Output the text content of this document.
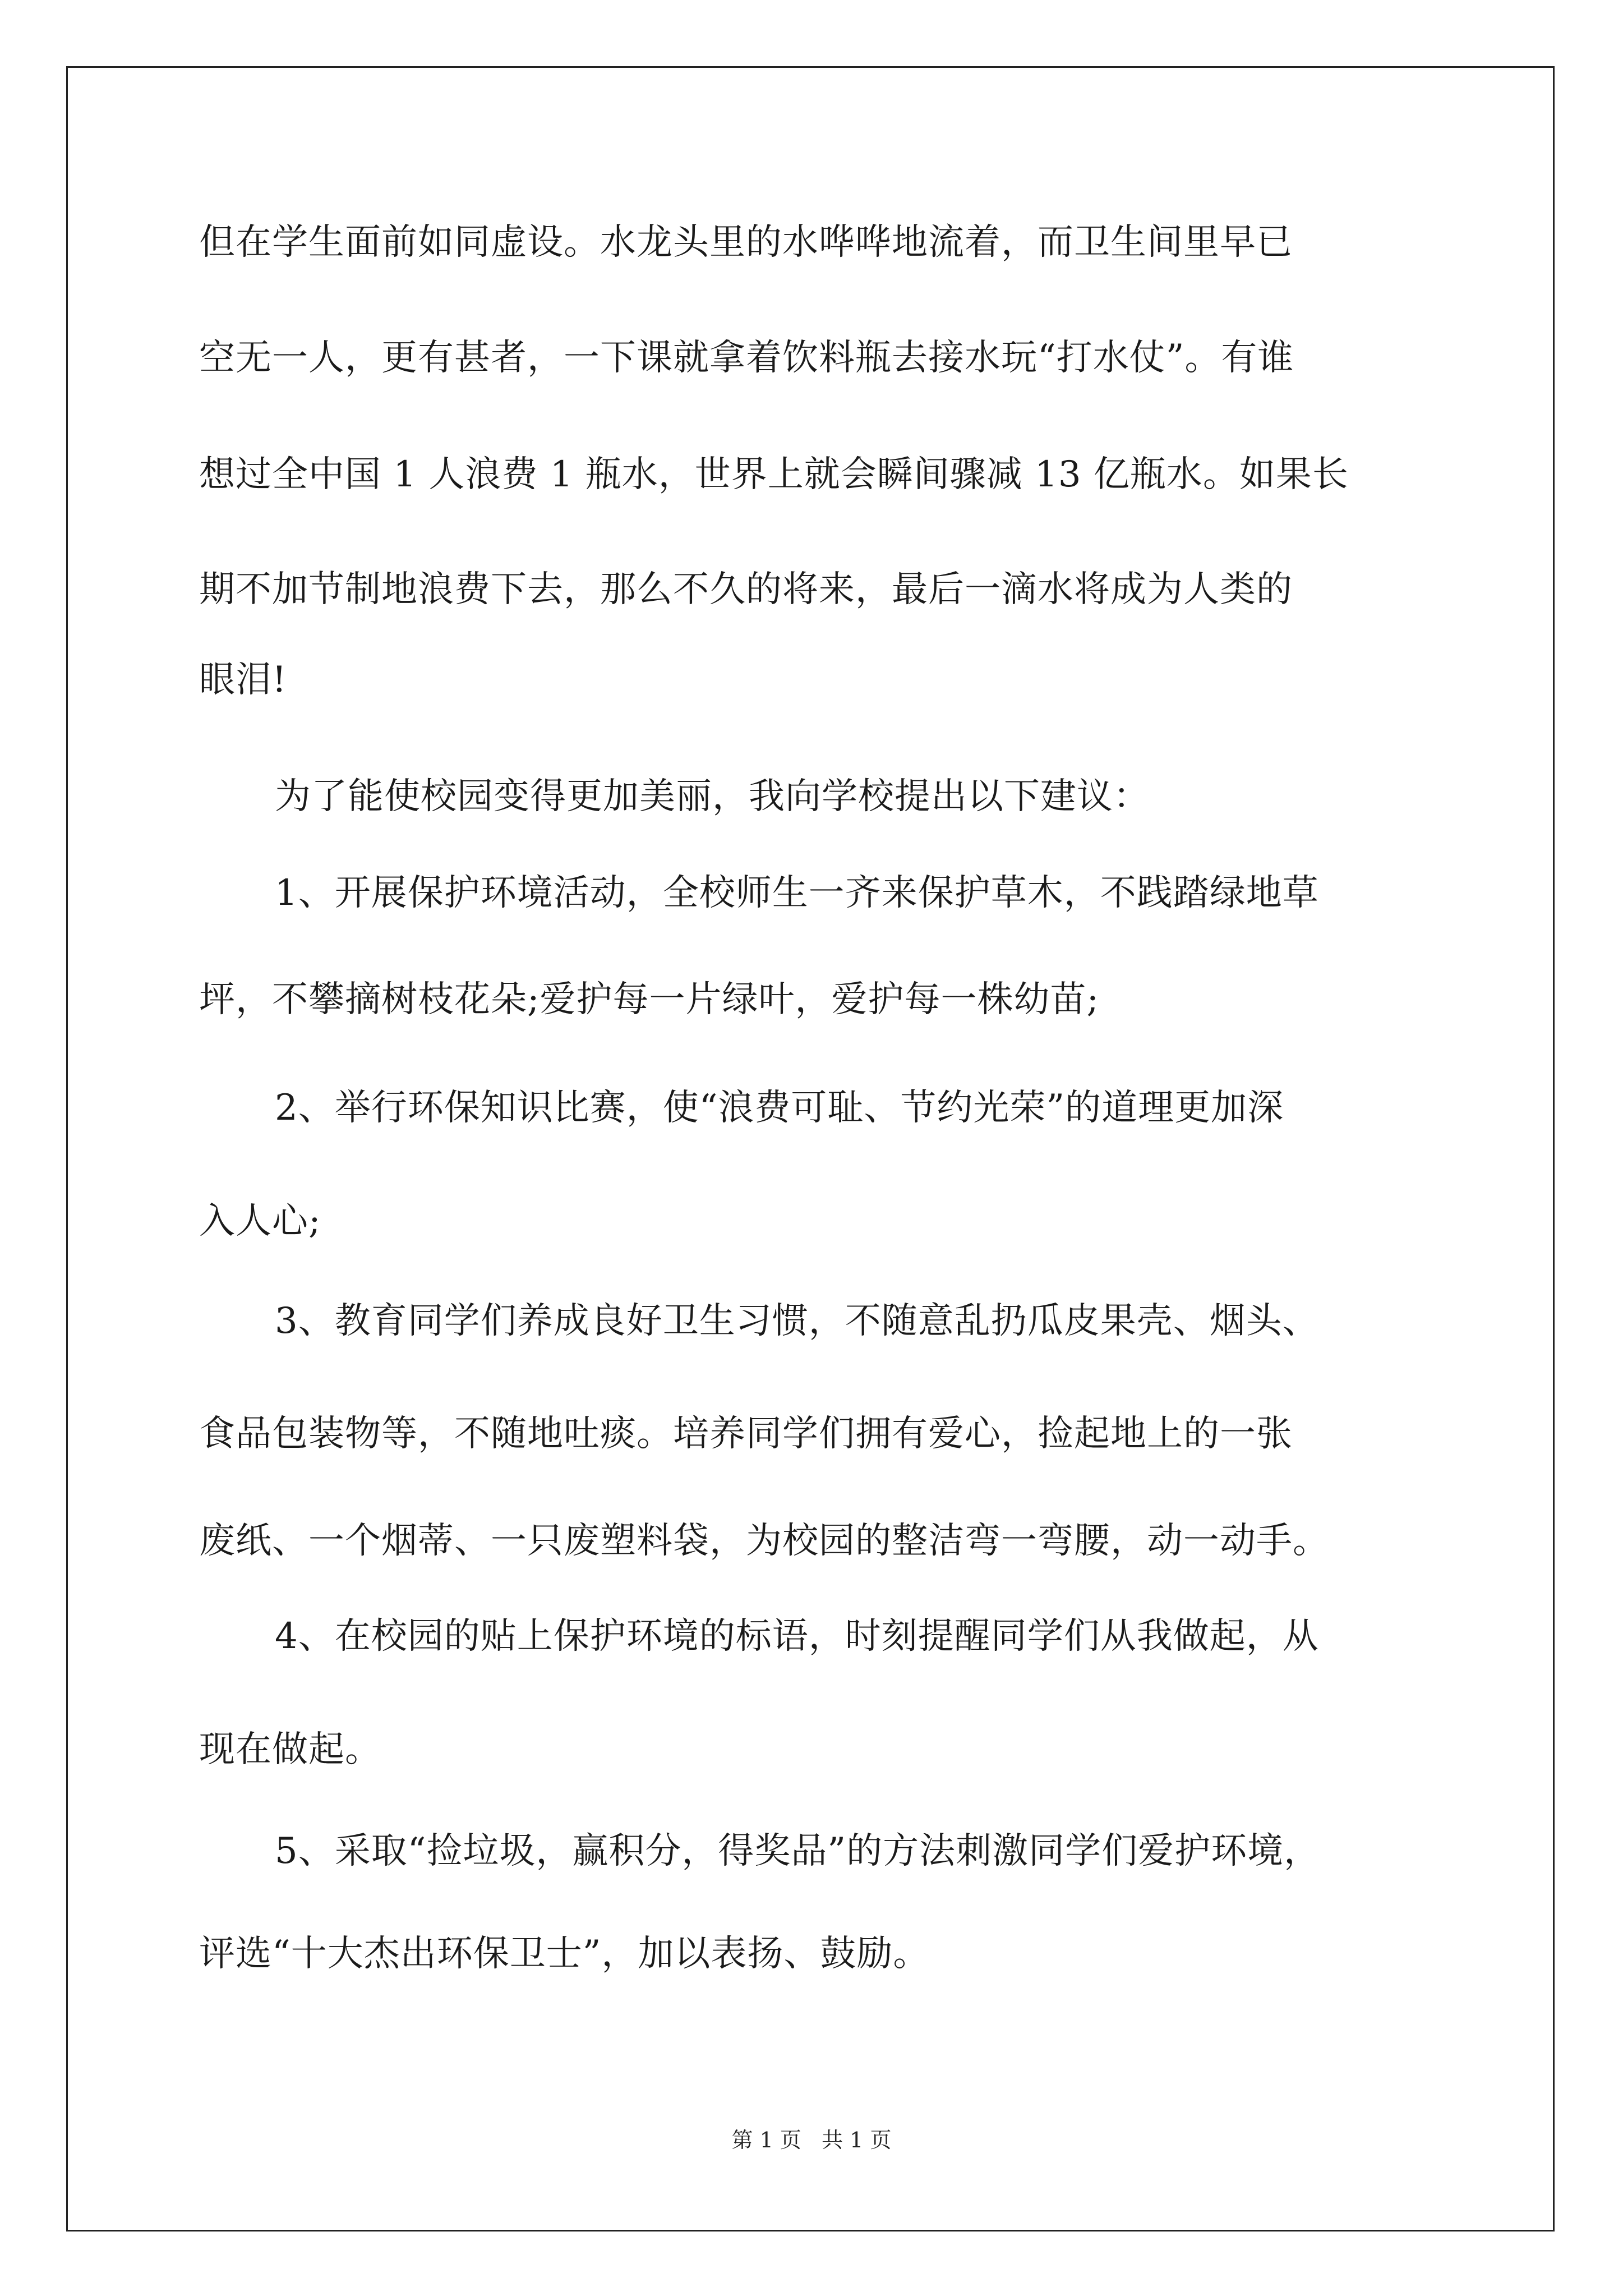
但在学生面前如同虚设。水龙头里的水哗哗地流着，而卫生间里早已
空无一人，更有甚者，一下课就拿着饮料瓶去接水玩“打水仗”。有谁
想过全中国 1 人浪费 1 瓶水，世界上就会瞬间骤减 13 亿瓶水。如果长
期不加节制地浪费下去，那么不久的将来，最后一滴水将成为人类的
眼泪!
为了能使校园变得更加美丽，我向学校提出以下建议：
1、开展保护环境活动，全校师生一齐来保护草木，不践踏绿地草
坪，不攀摘树枝花朵;爱护每一片绿叶，爱护每一株幼苗;
2、举行环保知识比赛，使“浪费可耻、节约光荣”的道理更加深
入人心;
3、教育同学们养成良好卫生习惯，不随意乱扔瓜皮果壳、烟头、
食品包装物等，不随地吐痰。培养同学们拥有爱心，捡起地上的一张
废纸、一个烟蒂、一只废塑料袋，为校园的整洁弯一弯腰，动一动手。
4、在校园的贴上保护环境的标语，时刻提醒同学们从我做起，从
现在做起。
5、采取“捡垃圾，赢积分，得奖品”的方法刺激同学们爱护环境，
评选“十大杰出环保卫士”，加以表扬、鼓励。
第 1 页   共 1 页
